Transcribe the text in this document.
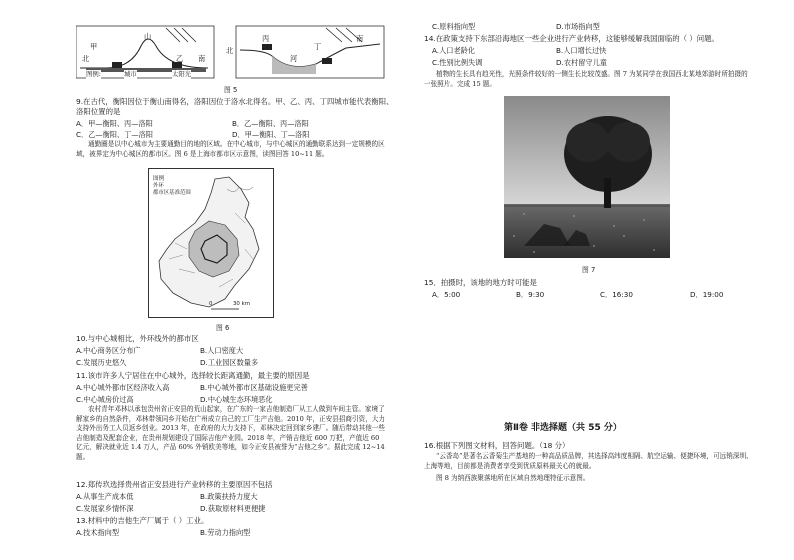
甲
山
北	乙 南
北
丙
河
丁
南
图例:	城市	太阳光
图 5
9.在古代，衡阳因位于衡山南得名，洛阳因位于洛水北得名。甲、乙、丙、丁四城市能代表衡阳、
洛阳位置的是
A．甲—衡阳、丙—洛阳	B．乙—衡阳、丙—洛阳
C．乙—衡阳、丁—洛阳	D．甲—衡阳、丁—洛阳
通勤圈是以中心城市为主要通勤目的地的区域。在中心城市，与中心城区的通勤联系达到一定规模的区域，被界定为中心城区的都市区。图 6 是上海市都市区示意图，读图回答 10~11 题。
图例
外环
都市区基准范围
0	30 km
图 6
10.与中心城相比，外环线外的都市区
A.中心商务区分布广	B.人口密度大
C.发展历史悠久	D.工业园区数量多
11.该市许多人宁居住在中心城外，选择较长距离通勤，最主要的原因是
A.中心城外都市区经济收入高	B.中心城外都市区基础设施更完善
C.中心城房价过高	D.中心城生态环境恶化
农村青年邓林以承包贵州省正安县的荒山起家，在广东的一家吉他制造厂从工人做到车间主管。家境了解家乡的自然条件，邓林带领同乡开始在广州成立自己的工厂生产吉他。2010 年，正安县招商引资，大力支持外出务工人员返乡创业。2013 年，在政府的大力支持下，邓林决定回到家乡建厂。随后带动其他一些吉他制造及配套企业，在贵州规划建设了国际吉他产业园。2018 年，产销吉他近 600 万把，产值近 60 亿元，解决就业近 1.4 万人，产品 60% 外销欧美等地，如今正安县被誉为“吉他之乡”。据此完成 12~14 题。
12.郑传玖选择贵州省正安县进行产业转移的主要原因不包括
A.从事生产成本低	B.政策扶持力度大
C.发展家乡情怀深	D.获取原材料更便捷
13.材料中的吉他生产厂属于（ ）工业。
A.技术指向型	B.劳动力指向型
C.原料指向型	D.市场指向型
14.在政策支持下东部沿海地区一些企业进行产业转移，这能够缓解我国面临的（ ）问题。
A.人口老龄化	B.人口增长过快
C.性别比例失调	D.农村留守儿童
植物的生长具有趋光性，光照条件较好的一侧生长比较茂盛。图 7 为某同学在我国西北某地郊游时所拍摄的一张照片。完成 15 题。
图 7
15．拍摄时，该地的地方时可能是
A．5:00	B．9:30	C．16:30	D．19:00
第Ⅱ卷 非选择题（共 55 分）
16.根据下列图文材料，回答问题。（18 分）
“云香岛”是著名云香菊生产基地的一种高品质品牌，其选择高纬度相隔、航空运输、便捷环境，可远销深圳、上海等地，目前都是消费者享受到优质原料最关心的就最。
图 8 为纳西族聚落地所在区域自然地理特征示意图。
